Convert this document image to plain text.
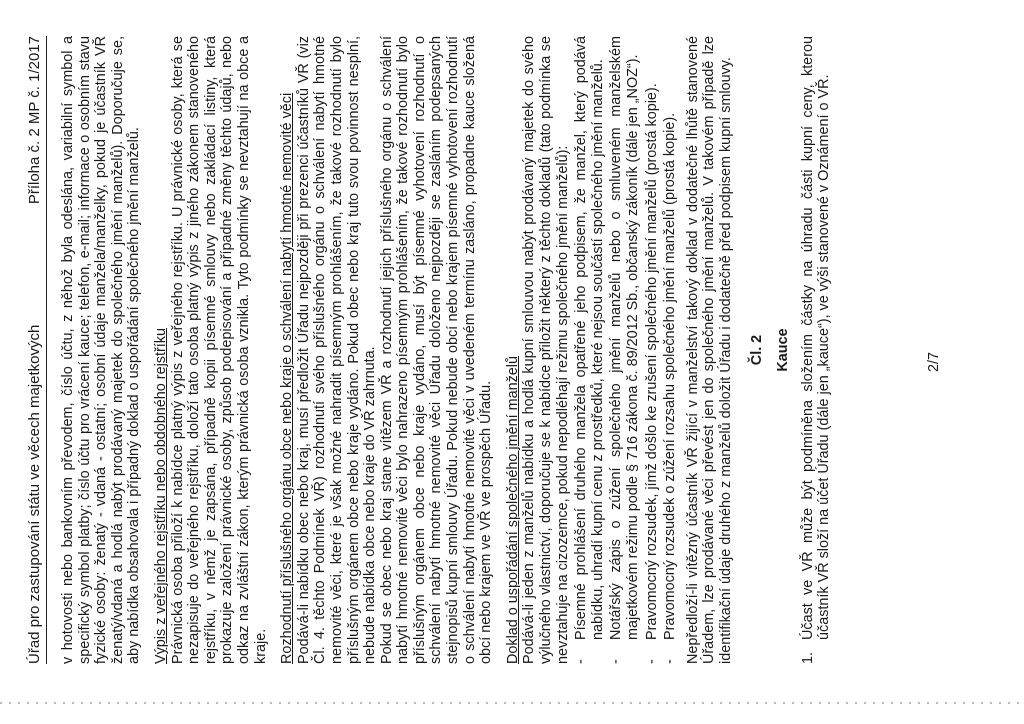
Úřad pro zastupování státu ve věcech majetkových
Příloha č. 2 MP č. 1/2017 v hotovosti nebo bankovním převodem, číslo účtu, z něhož byla odeslána, variabilní symbol a specifický symbol platby; číslo účtu pro vrácení kauce; telefon, e-mail; informace o osobním stavu fyzické osoby: ženatý - vdaná - ostatní; osobní údaje manžela/manželky, pokud je účastník VŘ ženatý/vdaná a hodlá nabýt prodávaný majetek do společného jmění manželů). Doporučuje se, aby nabídka obsahovala i případný doklad o uspořádání společného jmění manželů. Výpis z veřejného rejstříku nebo obdobného rejstříku Právnická osoba přiloží k nabídce platný výpis z veřejného rejstříku. U právnické osoby, která se nezapisuje do veřejného rejstříku, doloží tato osoba platný výpis z jiného zákonem stanoveného rejstříku, v němž je zapsána, případně kopii písemné smlouvy nebo zakládací listiny, která prokazuje založení právnické osoby, způsob podepisování a případné změny těchto údajů, nebo odkaz na zvláštní zákon, kterým právnická osoba vznikla. Tyto podmínky se nevztahují na obce a kraje. Rozhodnutí příslušného orgánu obce nebo kraje o schválení nabytí hmotné nemovité věci Podává-li nabídku obec nebo kraj, musí předložit Úřadu nejpozději při prezenci účastníků VŘ (viz Čl. 4. těchto Podmínek VŘ) rozhodnutí svého příslušného orgánu o schválení nabytí hmotné nemovité věci, které je však možné nahradit písemným prohlášením, že takové rozhodnutí bylo příslušným orgánem obce nebo kraje vydáno. Pokud obec nebo kraj tuto svou povinnost nesplní, nebude nabídka obce nebo kraje do VŘ zahrnuta. Pokud se obec nebo kraj stane vítězem VŘ a rozhodnutí jejich příslušného orgánu o schválení nabytí hmotné nemovité věci bylo nahrazeno písemným prohlášením, že takové rozhodnutí bylo příslušným orgánem obce nebo kraje vydáno, musí být písemné vyhotovení rozhodnutí o schválení nabytí hmotné nemovité věci Úřadu doloženo nejpozději se zasláním podepsaných stejnopisů kupní smlouvy Úřadu. Pokud nebude obcí nebo krajem písemné vyhotovení rozhodnutí o schválení nabytí hmotné nemovité věci v uvedeném termínu zasláno, propadne kauce složená obcí nebo krajem ve VŘ ve prospěch Úřadu. Doklad o uspořádání společného jmění manželů Podává-li jeden z manželů nabídku a hodlá kupní smlouvou nabýt prodávaný majetek do svého výlučného vlastnictví, doporučuje se k nabídce přiložit některý z těchto dokladů (tato podmínka se nevztahuje na cizozemce, pokud nepodléhají režimu společného jmění manželů): -
Písemné prohlášení druhého manžela opatřené jeho podpisem, že manžel, který podává nabídku, uhradí kupní cenu z prostředků, které nejsou součástí společného jmění manželů.
-
Notářský zápis o zúžení společného jmění manželů nebo o smluveném manželském majetkovém režimu podle § 716 zákona č. 89/2012 Sb., občanský zákoník (dále jen „NOZ“).
-
Pravomocný rozsudek, jímž došlo ke zrušení společného jmění manželů (prostá kopie).
-
Pravomocný rozsudek o zúžení rozsahu společného jmění manželů (prostá kopie). Nepředloží-li vítězný účastník VŘ žijící v manželství takový doklad v dodatečné lhůtě stanovené Úřadem, lze prodávané věci převést jen do společného jmění manželů. V takovém případě lze identifikační údaje druhého z manželů doložit Úřadu i dodatečně před podpisem kupní smlouvy. Čl. 2 Kauce

1.
Účast ve VŘ může být podmíněna složením částky na úhradu části kupní ceny, kterou účastník VŘ složí na účet Úřadu (dále jen „kauce“), ve výši stanovené v Oznámení o VŘ.	2/7
